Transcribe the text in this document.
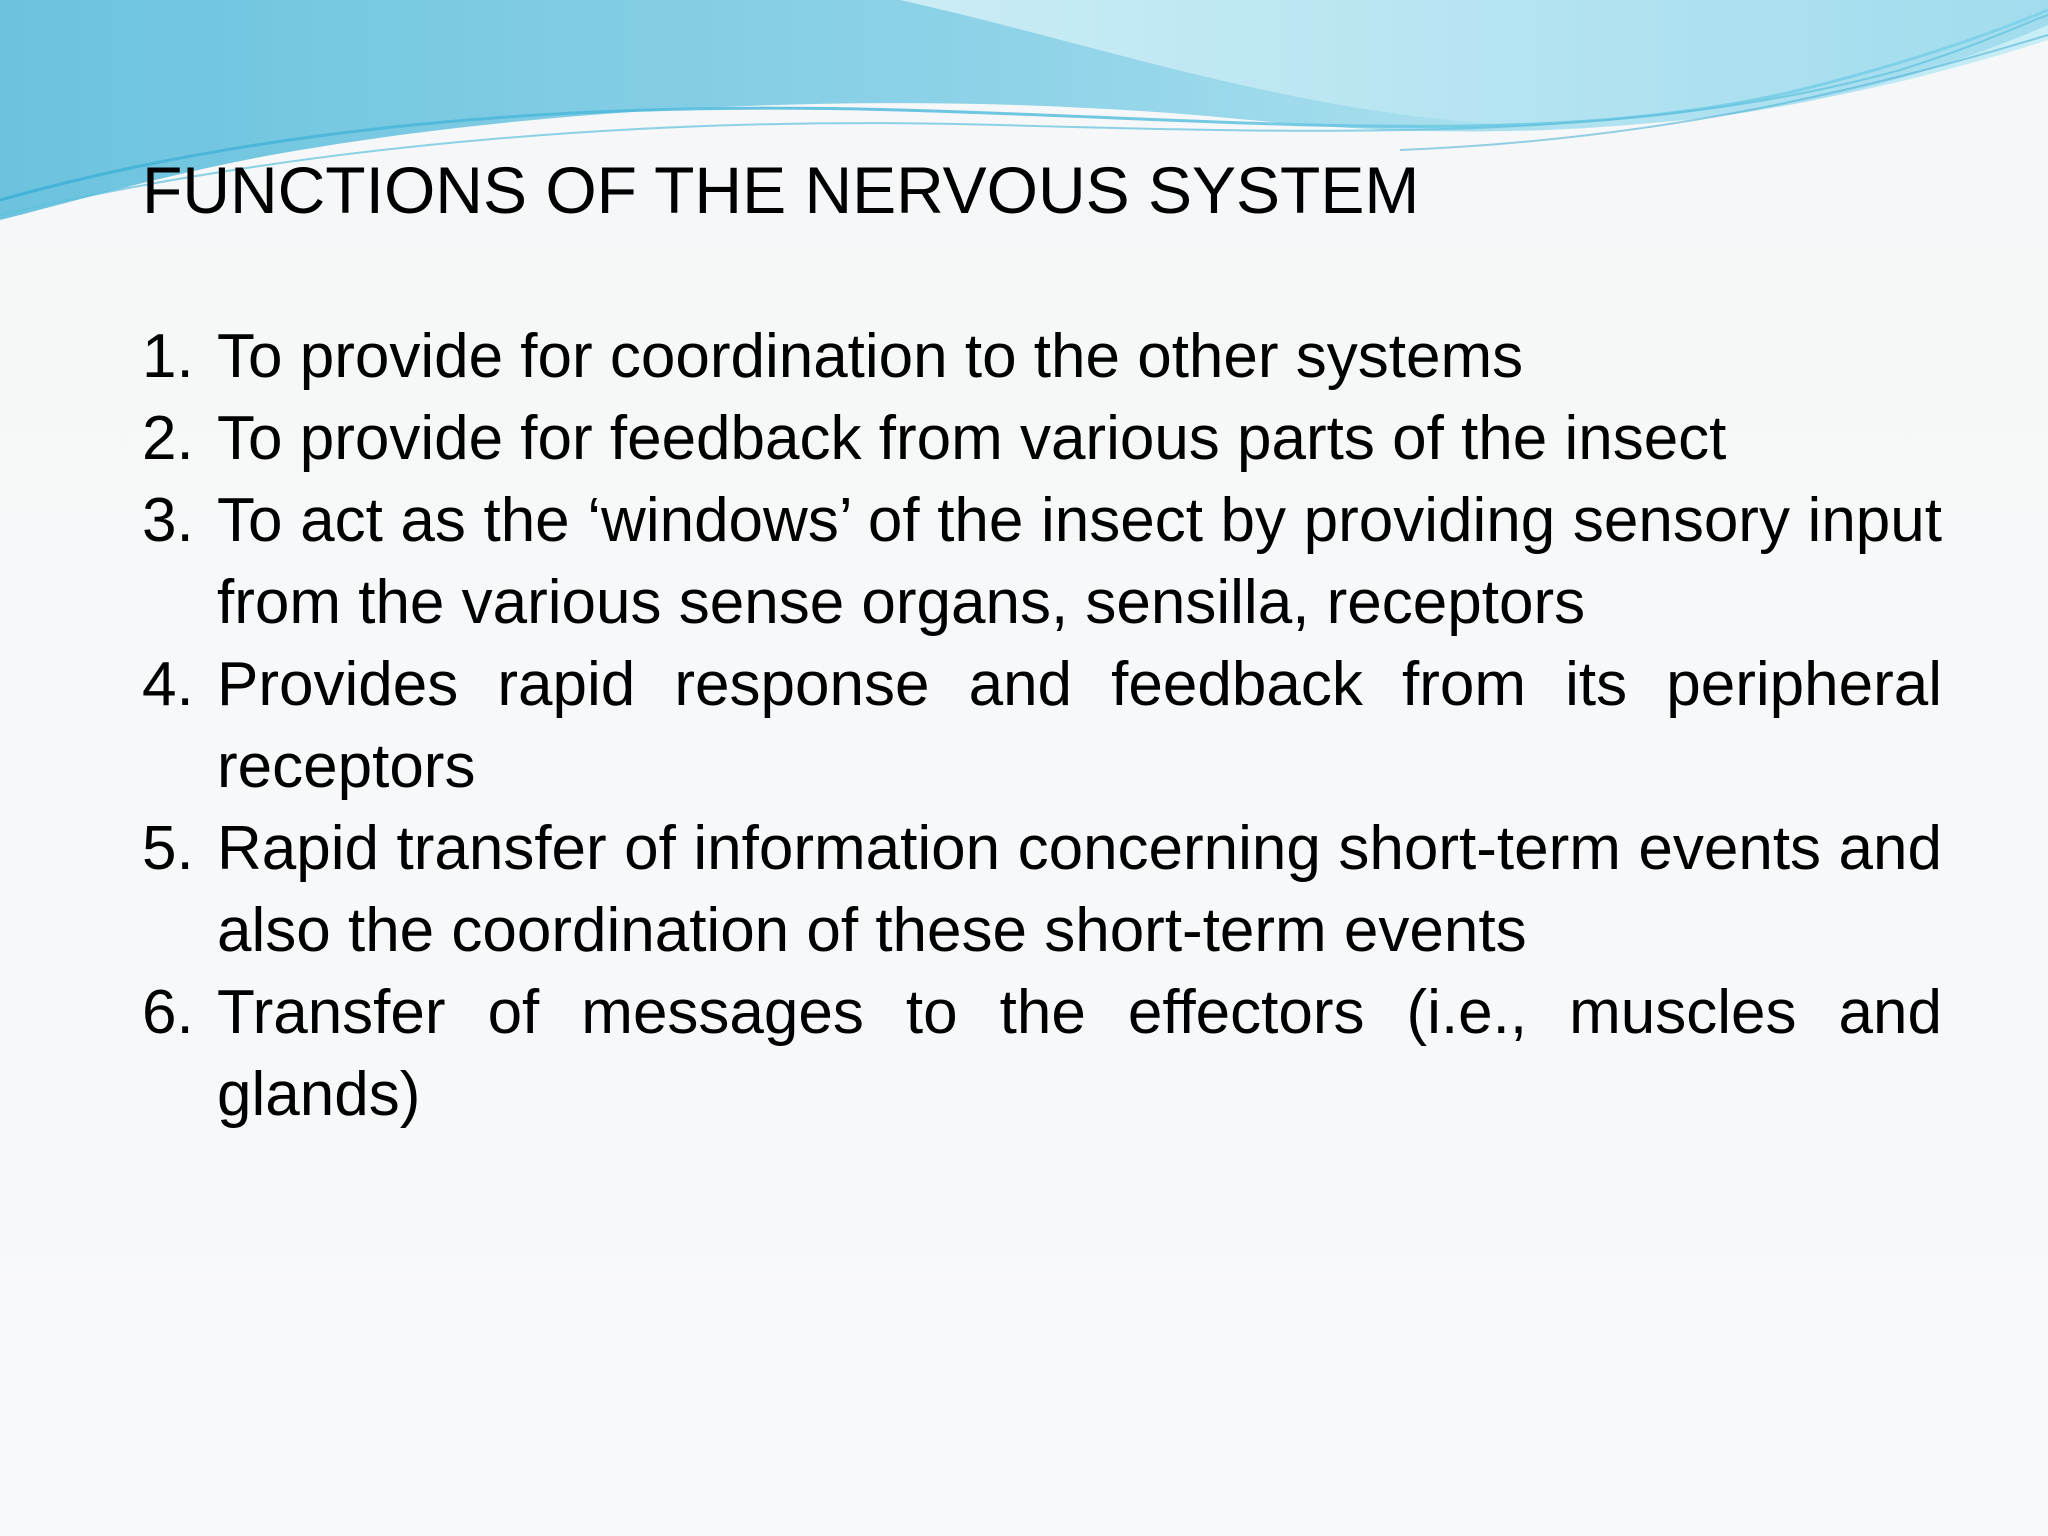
FUNCTIONS OF THE NERVOUS SYSTEM
1. To provide for coordination to the other systems
2. To provide for feedback from various parts of the insect
3. To act as the ‘windows’ of the insect by providing sensory input from the various sense organs, sensilla, receptors
4. Provides rapid response and feedback from its peripheral receptors
5. Rapid transfer of information concerning short-term events and also the coordination of these short-term events
6. Transfer of messages to the effectors (i.e., muscles and glands)
